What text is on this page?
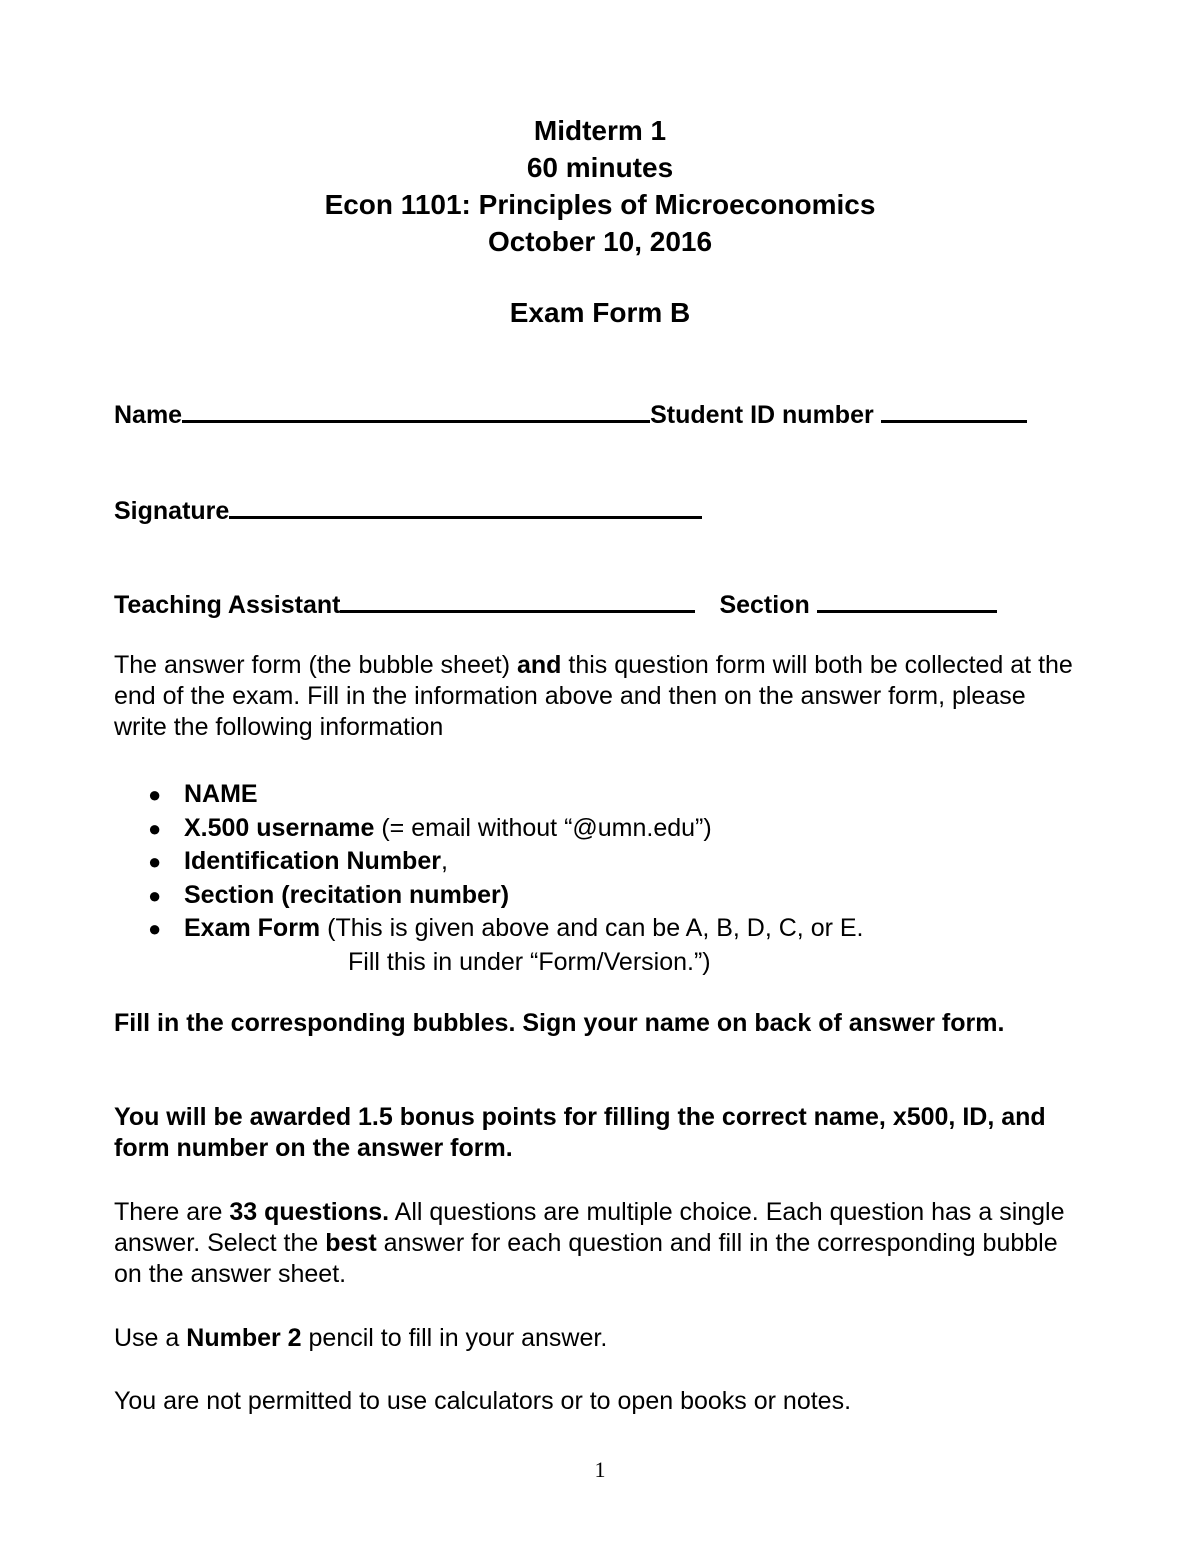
Midterm 1
60 minutes
Econ 1101: Principles of Microeconomics
October 10, 2016
Exam Form B
Name	Student ID number
Signature
Teaching Assistant	Section
The answer form (the bubble sheet) and this question form will both be collected at the end of the exam. Fill in the information above and then on the answer form, please write the following information
● NAME
● X.500 username (= email without “@umn.edu”)
● Identification Number,
● Section (recitation number)
● Exam Form (This is given above and can be A, B, D, C, or E.
Fill this in under “Form/Version.”)
Fill in the corresponding bubbles. Sign your name on back of answer form.
You will be awarded 1.5 bonus points for filling the correct name, x500, ID, and form number on the answer form.
There are 33 questions. All questions are multiple choice. Each question has a single answer. Select the best answer for each question and fill in the corresponding bubble on the answer sheet.
Use a Number 2 pencil to fill in your answer.
You are not permitted to use calculators or to open books or notes.
1
